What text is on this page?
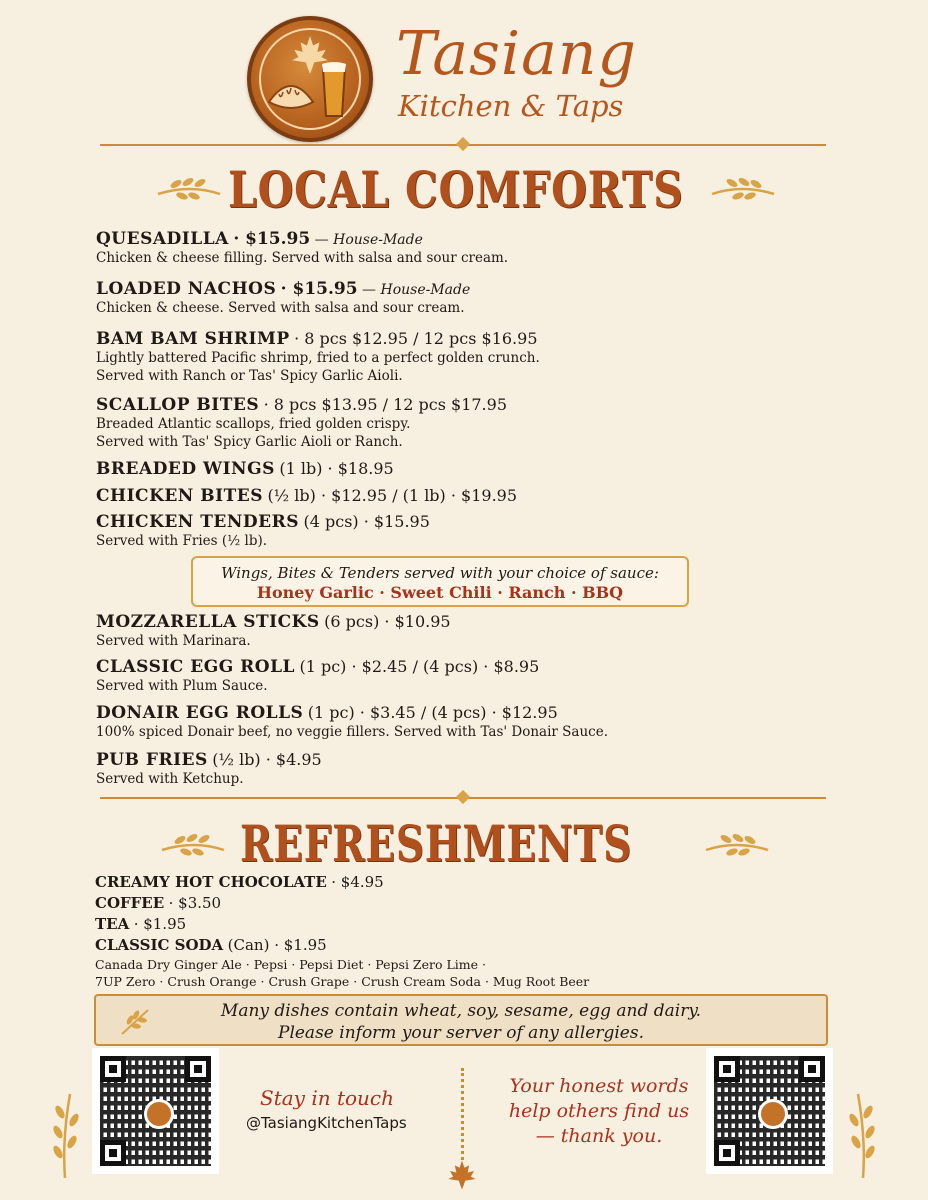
Tasiang
Kitchen & Taps
LOCAL COMFORTS
QUESADILLA · $15.95 — House-Made
Chicken & cheese filling. Served with salsa and sour cream.
LOADED NACHOS · $15.95 — House-Made
Chicken & cheese. Served with salsa and sour cream.
BAM BAM SHRIMP · 8 pcs $12.95 / 12 pcs $16.95
Lightly battered Pacific shrimp, fried to a perfect golden crunch.
Served with Ranch or Tas' Spicy Garlic Aioli.
SCALLOP BITES · 8 pcs $13.95 / 12 pcs $17.95
Breaded Atlantic scallops, fried golden crispy.
Served with Tas' Spicy Garlic Aioli or Ranch.
BREADED WINGS (1 lb) · $18.95
CHICKEN BITES (½ lb) · $12.95 / (1 lb) · $19.95
CHICKEN TENDERS (4 pcs) · $15.95
Served with Fries (½ lb).
Wings, Bites & Tenders served with your choice of sauce:
Honey Garlic · Sweet Chili · Ranch · BBQ
MOZZARELLA STICKS (6 pcs) · $10.95
Served with Marinara.
CLASSIC EGG ROLL (1 pc) · $2.45 / (4 pcs) · $8.95
Served with Plum Sauce.
DONAIR EGG ROLLS (1 pc) · $3.45 / (4 pcs) · $12.95
100% spiced Donair beef, no veggie fillers. Served with Tas' Donair Sauce.
PUB FRIES (½ lb) · $4.95
Served with Ketchup.
REFRESHMENTS
CREAMY HOT CHOCOLATE · $4.95
COFFEE · $3.50
TEA · $1.95
CLASSIC SODA (Can) · $1.95
Canada Dry Ginger Ale · Pepsi · Pepsi Diet · Pepsi Zero Lime ·
7UP Zero · Crush Orange · Crush Grape · Crush Cream Soda · Mug Root Beer
Many dishes contain wheat, soy, sesame, egg and dairy.
Please inform your server of any allergies.
Stay in touch
@TasiangKitchenTaps
Your honest words
help others find us
— thank you.
